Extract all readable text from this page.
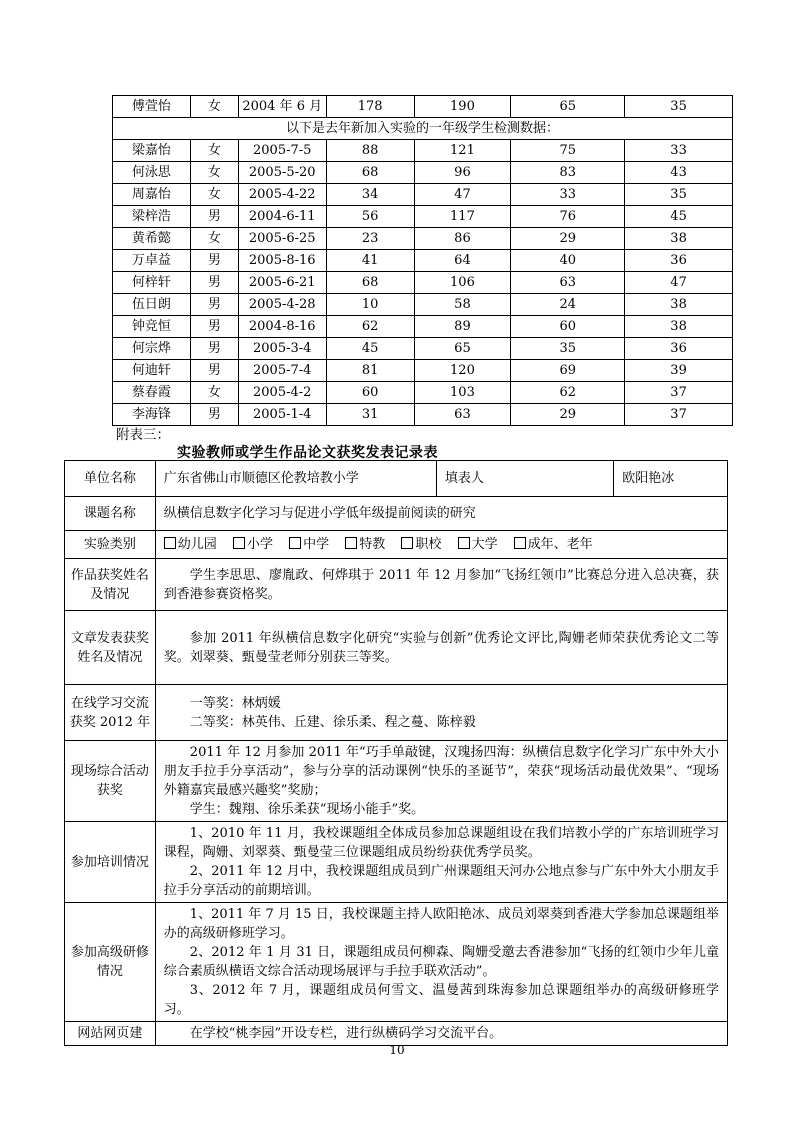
傅萱怡	女	2004 年 6 月	178	190	65	35
以下是去年新加入实验的一年级学生检测数据：						
梁嘉怡	女	2005-7-5	88	121	75	33
何泳思	女	2005-5-20	68	96	83	43
周嘉怡	女	2005-4-22	34	47	33	35
梁梓浩	男	2004-6-11	56	117	76	45
黄希懿	女	2005-6-25	23	86	29	38
万卓益	男	2005-8-16	41	64	40	36
何梓轩	男	2005-6-21	68	106	63	47
伍日朗	男	2005-4-28	10	58	24	38
钟竞恒	男	2004-8-16	62	89	60	38
何宗烨	男	2005-3-4	45	65	35	36
何迪轩	男	2005-7-4	81	120	69	39
蔡春霞	女	2005-4-2	60	103	62	37
李海锋	男	2005-1-4	31	63	29	37
附表三：
实验教师或学生作品论文获奖发表记录表
单位名称	广东省佛山市顺德区伦教培教小学	填表人	欧阳艳冰
课题名称	纵横信息数字化学习与促进小学低年级提前阅读的研究		
实验类别	幼儿园 小学 中学 特教 职校 大学 成年、老年		
作品获奖姓名及情况	学生李思思、廖胤政、何烨琪于 2011 年 12 月参加“飞扬红领巾”比赛总分进入总决赛，获到香港参赛资格奖。		

文章发表获奖姓名及情况	参加 2011 年纵横信息数字化研究“实验与创新”优秀论文评比,陶姗老师荣获优秀论文二等奖。刘翠葵、甄曼莹老师分别获三等奖。		

在线学习交流获奖 2012 年	一等奖：林炳媛

二等奖：林英伟、丘建、徐乐柔、程之蔓、陈梓毅		

现场综合活动获奖	2011 年 12 月参加 2011 年“巧手单敲键，汉瑰扬四海：纵横信息数字化学习广东中外大小朋友手拉手分享活动”，参与分享的活动课例“快乐的圣诞节”，荣获“现场活动最优效果”、“现场外籍嘉宾最感兴趣奖”奖励；

学生：魏翔、徐乐柔获“现场小能手”奖。		

参加培训情况	1、2010 年 11 月，我校课题组全体成员参加总课题组设在我们培教小学的广东培训班学习课程，陶姗、刘翠葵、甄曼莹三位课题组成员纷纷获优秀学员奖。

2、2011 年 12 月中，我校课题组成员到广州课题组天河办公地点参与广东中外大小朋友手拉手分享活动的前期培训。		

参加高级研修情况	1、2011 年 7 月 15 日，我校课题主持人欧阳艳冰、成员刘翠葵到香港大学参加总课题组举办的高级研修班学习。

2、2012 年 1 月 31 日，课题组成员何柳森、陶姗受邀去香港参加“飞扬的红领巾少年儿童综合素质纵横语文综合活动现场展评与手拉手联欢活动”。

3、2012 年 7 月，课题组成员何雪文、温曼茜到珠海参加总课题组举办的高级研修班学习。		

网站网页建	在学校“桃李园”开设专栏，进行纵横码学习交流平台。		

10
